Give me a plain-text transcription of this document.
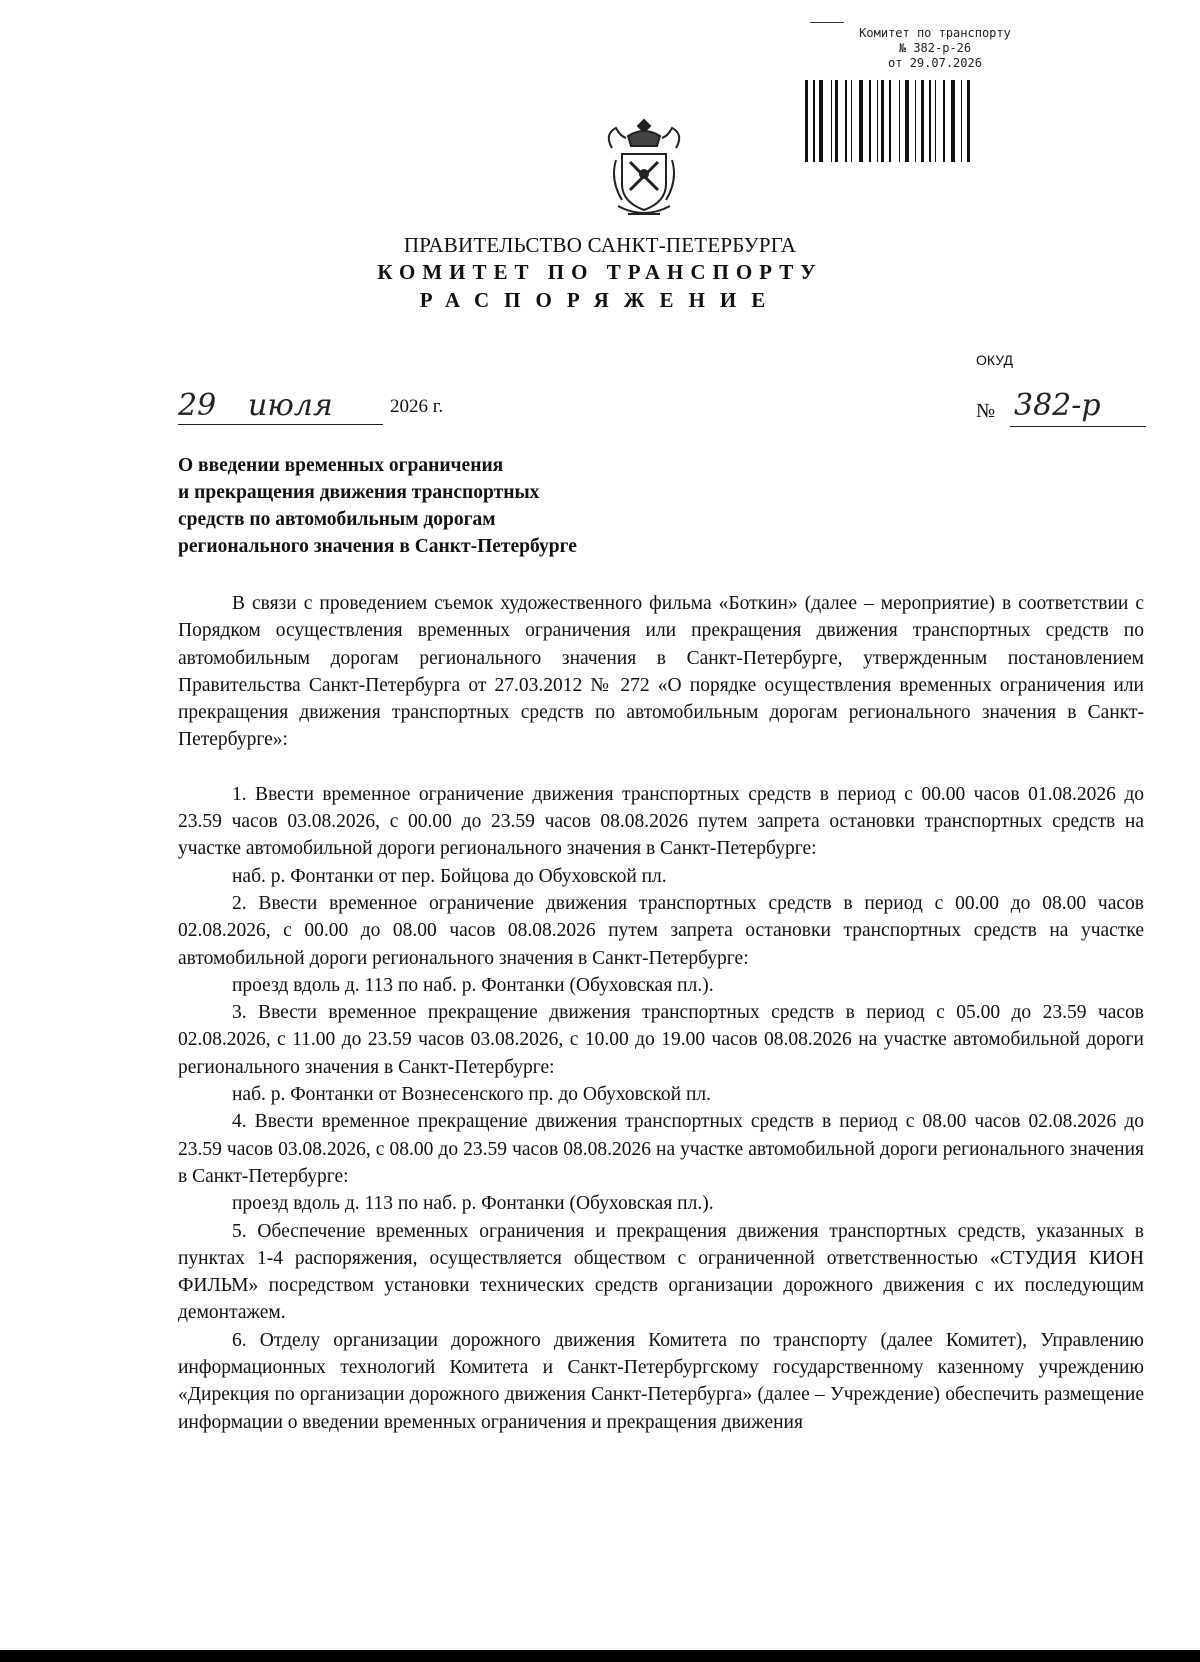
Комитет по транспорту
№ 382-р-26
от 29.07.2026
ПРАВИТЕЛЬСТВО САНКТ-ПЕТЕРБУРГА
КОМИТЕТ ПО ТРАНСПОРТУ
РАСПОРЯЖЕНИЕ
ОКУД
29 июля	2026 г.	№ 382-р
О введении временных ограничения
и прекращения движения транспортных
средств по автомобильным дорогам
регионального значения в Санкт-Петербурге

В связи с проведением съемок художественного фильма «Боткин» (далее – мероприятие) в соответствии с Порядком осуществления временных ограничения или прекращения движения транспортных средств по автомобильным дорогам регионального значения в Санкт-Петербурге, утвержденным постановлением Правительства Санкт-Петербурга от 27.03.2012 № 272 «О порядке осуществления временных ограничения или прекращения движения транспортных средств по автомобильным дорогам регионального значения в Санкт-Петербурге»:

1. Ввести временное ограничение движения транспортных средств в период с 00.00 часов 01.08.2026 до 23.59 часов 03.08.2026, с 00.00 до 23.59 часов 08.08.2026 путем запрета остановки транспортных средств на участке автомобильной дороги регионального значения в Санкт-Петербурге:

наб. р. Фонтанки от пер. Бойцова до Обуховской пл.

2. Ввести временное ограничение движения транспортных средств в период с 00.00 до 08.00 часов 02.08.2026, с 00.00 до 08.00 часов 08.08.2026 путем запрета остановки транспортных средств на участке автомобильной дороги регионального значения в Санкт-Петербурге:

проезд вдоль д. 113 по наб. р. Фонтанки (Обуховская пл.).

3. Ввести временное прекращение движения транспортных средств в период с 05.00 до 23.59 часов 02.08.2026, с 11.00 до 23.59 часов 03.08.2026, с 10.00 до 19.00 часов 08.08.2026 на участке автомобильной дороги регионального значения в Санкт-Петербурге:

наб. р. Фонтанки от Вознесенского пр. до Обуховской пл.

4. Ввести временное прекращение движения транспортных средств в период с 08.00 часов 02.08.2026 до 23.59 часов 03.08.2026, с 08.00 до 23.59 часов 08.08.2026 на участке автомобильной дороги регионального значения в Санкт-Петербурге:

проезд вдоль д. 113 по наб. р. Фонтанки (Обуховская пл.).

5. Обеспечение временных ограничения и прекращения движения транспортных средств, указанных в пунктах 1-4 распоряжения, осуществляется обществом с ограниченной ответственностью «СТУДИЯ КИОН ФИЛЬМ» посредством установки технических средств организации дорожного движения с их последующим демонтажем.

6. Отделу организации дорожного движения Комитета по транспорту (далее Комитет), Управлению информационных технологий Комитета и Санкт-Петербургскому государственному казенному учреждению «Дирекция по организации дорожного движения Санкт-Петербурга» (далее – Учреждение) обеспечить размещение информации о введении временных ограничения и прекращения движения
